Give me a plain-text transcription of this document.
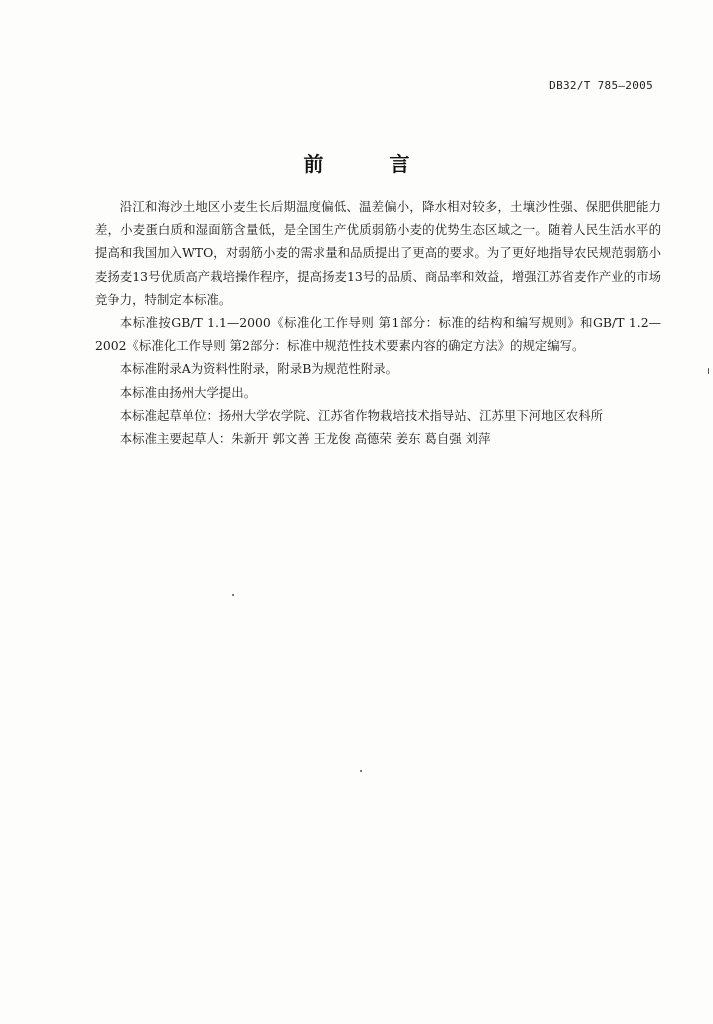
DB32/T 785—2005
前言

沿江和海沙土地区小麦生长后期温度偏低、温差偏小，降水相对较多，土壤沙性强、保肥供肥能力差，小麦蛋白质和湿面筋含量低，是全国生产优质弱筋小麦的优势生态区域之一。随着人民生活水平的提高和我国加入WTO，对弱筋小麦的需求量和品质提出了更高的要求。为了更好地指导农民规范弱筋小麦扬麦13号优质高产栽培操作程序，提高扬麦13号的品质、商品率和效益，增强江苏省麦作产业的市场竞争力，特制定本标准。

本标准按GB/T 1.1—2000《标准化工作导则 第1部分：标准的结构和编写规则》和GB/T 1.2—2002《标准化工作导则 第2部分：标准中规范性技术要素内容的确定方法》的规定编写。

本标准附录A为资料性附录，附录B为规范性附录。

本标准由扬州大学提出。

本标准起草单位：扬州大学农学院、江苏省作物栽培技术指导站、江苏里下河地区农科所

本标准主要起草人：朱新开 郭文善 王龙俊 高德荣 姜东 葛自强 刘萍
